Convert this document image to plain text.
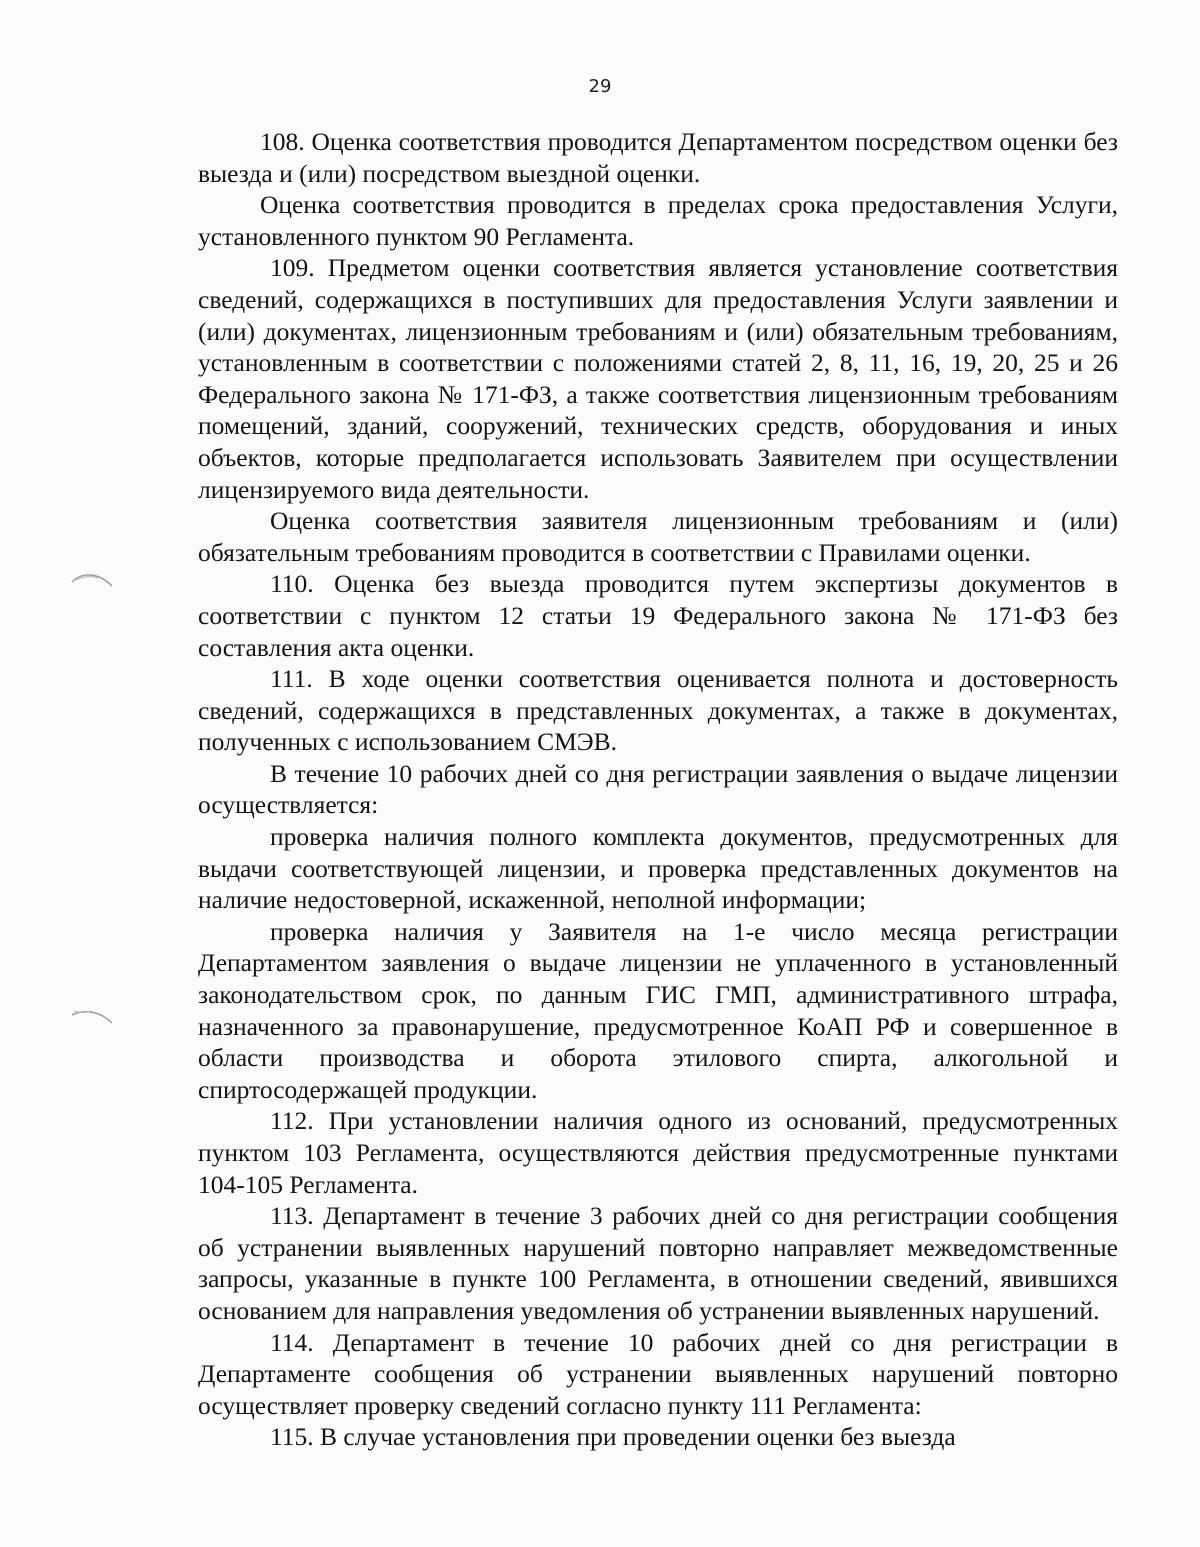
29

108. Оценка соответствия проводится Департаментом посредством оценки без выезда и (или) посредством выездной оценки.

Оценка соответствия проводится в пределах срока предоставления Услуги, установленного пунктом 90 Регламента.

109. Предметом оценки соответствия является установление соответствия сведений, содержащихся в поступивших для предоставления Услуги заявлении и (или) документах, лицензионным требованиям и (или) обязательным требованиям, установленным в соответствии с положениями статей 2, 8, 11, 16, 19, 20, 25 и 26 Федерального закона № 171-ФЗ, а также соответствия лицензионным требованиям помещений, зданий, сооружений, технических средств, оборудования и иных объектов, которые предполагается использовать Заявителем при осуществлении лицензируемого вида деятельности.

Оценка соответствия заявителя лицензионным требованиям и (или) обязательным требованиям проводится в соответствии с Правилами оценки.

110. Оценка без выезда проводится путем экспертизы документов в соответствии с пунктом 12 статьи 19 Федерального закона № 171-ФЗ без составления акта оценки.

111. В ходе оценки соответствия оценивается полнота и достоверность сведений, содержащихся в представленных документах, а также в документах, полученных с использованием СМЭВ.

В течение 10 рабочих дней со дня регистрации заявления о выдаче лицензии осуществляется:

проверка наличия полного комплекта документов, предусмотренных для выдачи соответствующей лицензии, и проверка представленных документов на наличие недостоверной, искаженной, неполной информации;

проверка наличия у Заявителя на 1-е число месяца регистрации Департаментом заявления о выдаче лицензии не уплаченного в установленный законодательством срок, по данным ГИС ГМП, административного штрафа, назначенного за правонарушение, предусмотренное КоАП РФ и совершенное в области производства и оборота этилового спирта, алкогольной и спиртосодержащей продукции.

112. При установлении наличия одного из оснований, предусмотренных пунктом 103 Регламента, осуществляются действия предусмотренные пунктами 104-105 Регламента.

113. Департамент в течение 3 рабочих дней со дня регистрации сообщения об устранении выявленных нарушений повторно направляет межведомственные запросы, указанные в пункте 100 Регламента, в отношении сведений, явившихся основанием для направления уведомления об устранении выявленных нарушений.

114. Департамент в течение 10 рабочих дней со дня регистрации в Департаменте сообщения об устранении выявленных нарушений повторно осуществляет проверку сведений согласно пункту 111 Регламента:

115. В случае установления при проведении оценки без выезда
